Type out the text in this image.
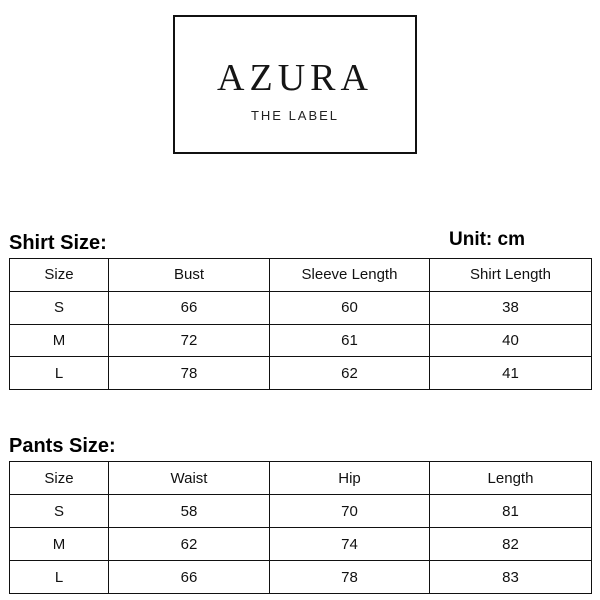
AZURA
THE LABEL
Shirt Size:	Unit: cm
Size	Bust	Sleeve Length	Shirt Length
S	66	60	38
M	72	61	40
L	78	62	41
Pants Size:
Size	Waist	Hip	Length
S	58	70	81
M	62	74	82
L	66	78	83
